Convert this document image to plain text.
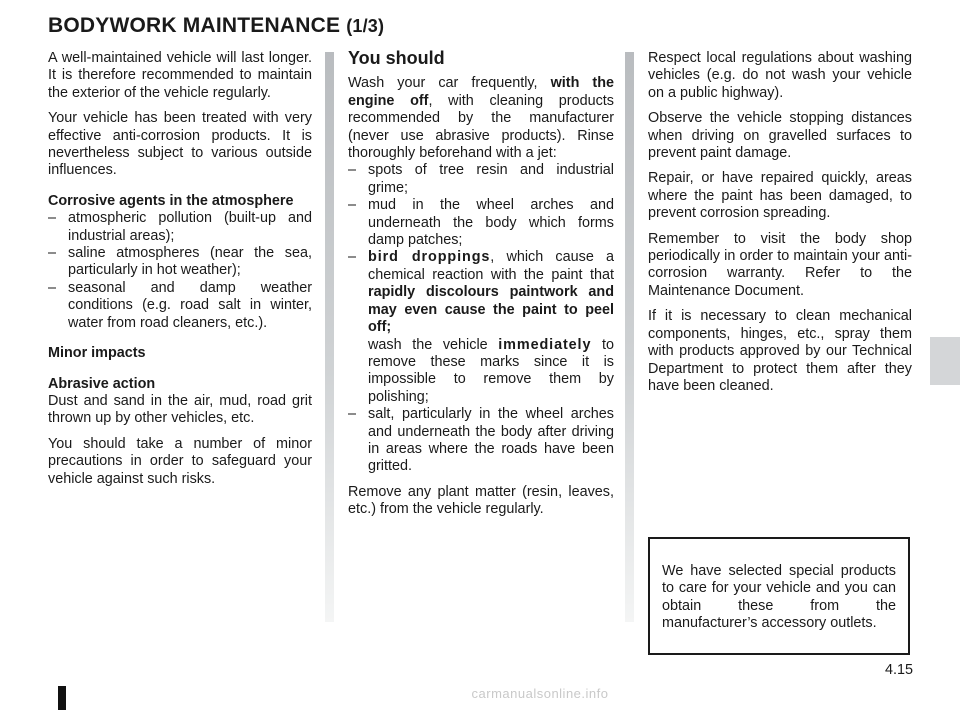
BODYWORK MAINTENANCE (1/3)

A well-maintained vehicle will last longer. It is therefore recommended to maintain the exterior of the vehicle regularly.

Your vehicle has been treated with very effective anti-corrosion products. It is nevertheless subject to various outside influences.

Corrosive agents in the atmosphere

– atmospheric pollution (built-up and industrial areas);
– saline atmospheres (near the sea, particularly in hot weather);
– seasonal and damp weather conditions (e.g. road salt in winter, water from road cleaners, etc.).

Minor impacts

Abrasive action

Dust and sand in the air, mud, road grit thrown up by other vehicles, etc.

You should take a number of minor precautions in order to safeguard your vehicle against such risks.

You should

Wash your car frequently, with the engine off, with cleaning products recommended by the manufacturer (never use abrasive products). Rinse thoroughly beforehand with a jet:

– spots of tree resin and industrial grime;
– mud in the wheel arches and underneath the body which forms damp patches;
– bird droppings, which cause a chemical reaction with the paint that rapidly discolours paintwork and may even cause the paint to peel off;
wash the vehicle immediately to remove these marks since it is impossible to remove them by polishing;
– salt, particularly in the wheel arches and underneath the body after driving in areas where the roads have been gritted.

Remove any plant matter (resin, leaves, etc.) from the vehicle regularly.

Respect local regulations about washing vehicles (e.g. do not wash your vehicle on a public highway).

Observe the vehicle stopping distances when driving on gravelled surfaces to prevent paint damage.

Repair, or have repaired quickly, areas where the paint has been damaged, to prevent corrosion spreading.

Remember to visit the body shop periodically in order to maintain your anti-corrosion warranty. Refer to the Maintenance Document.

If it is necessary to clean mechanical components, hinges, etc., spray them with products approved by our Technical Department to protect them after they have been cleaned.

We have selected special products to care for your vehicle and you can obtain these from the manufacturer’s accessory outlets.
4.15
carmanualsonline.info
